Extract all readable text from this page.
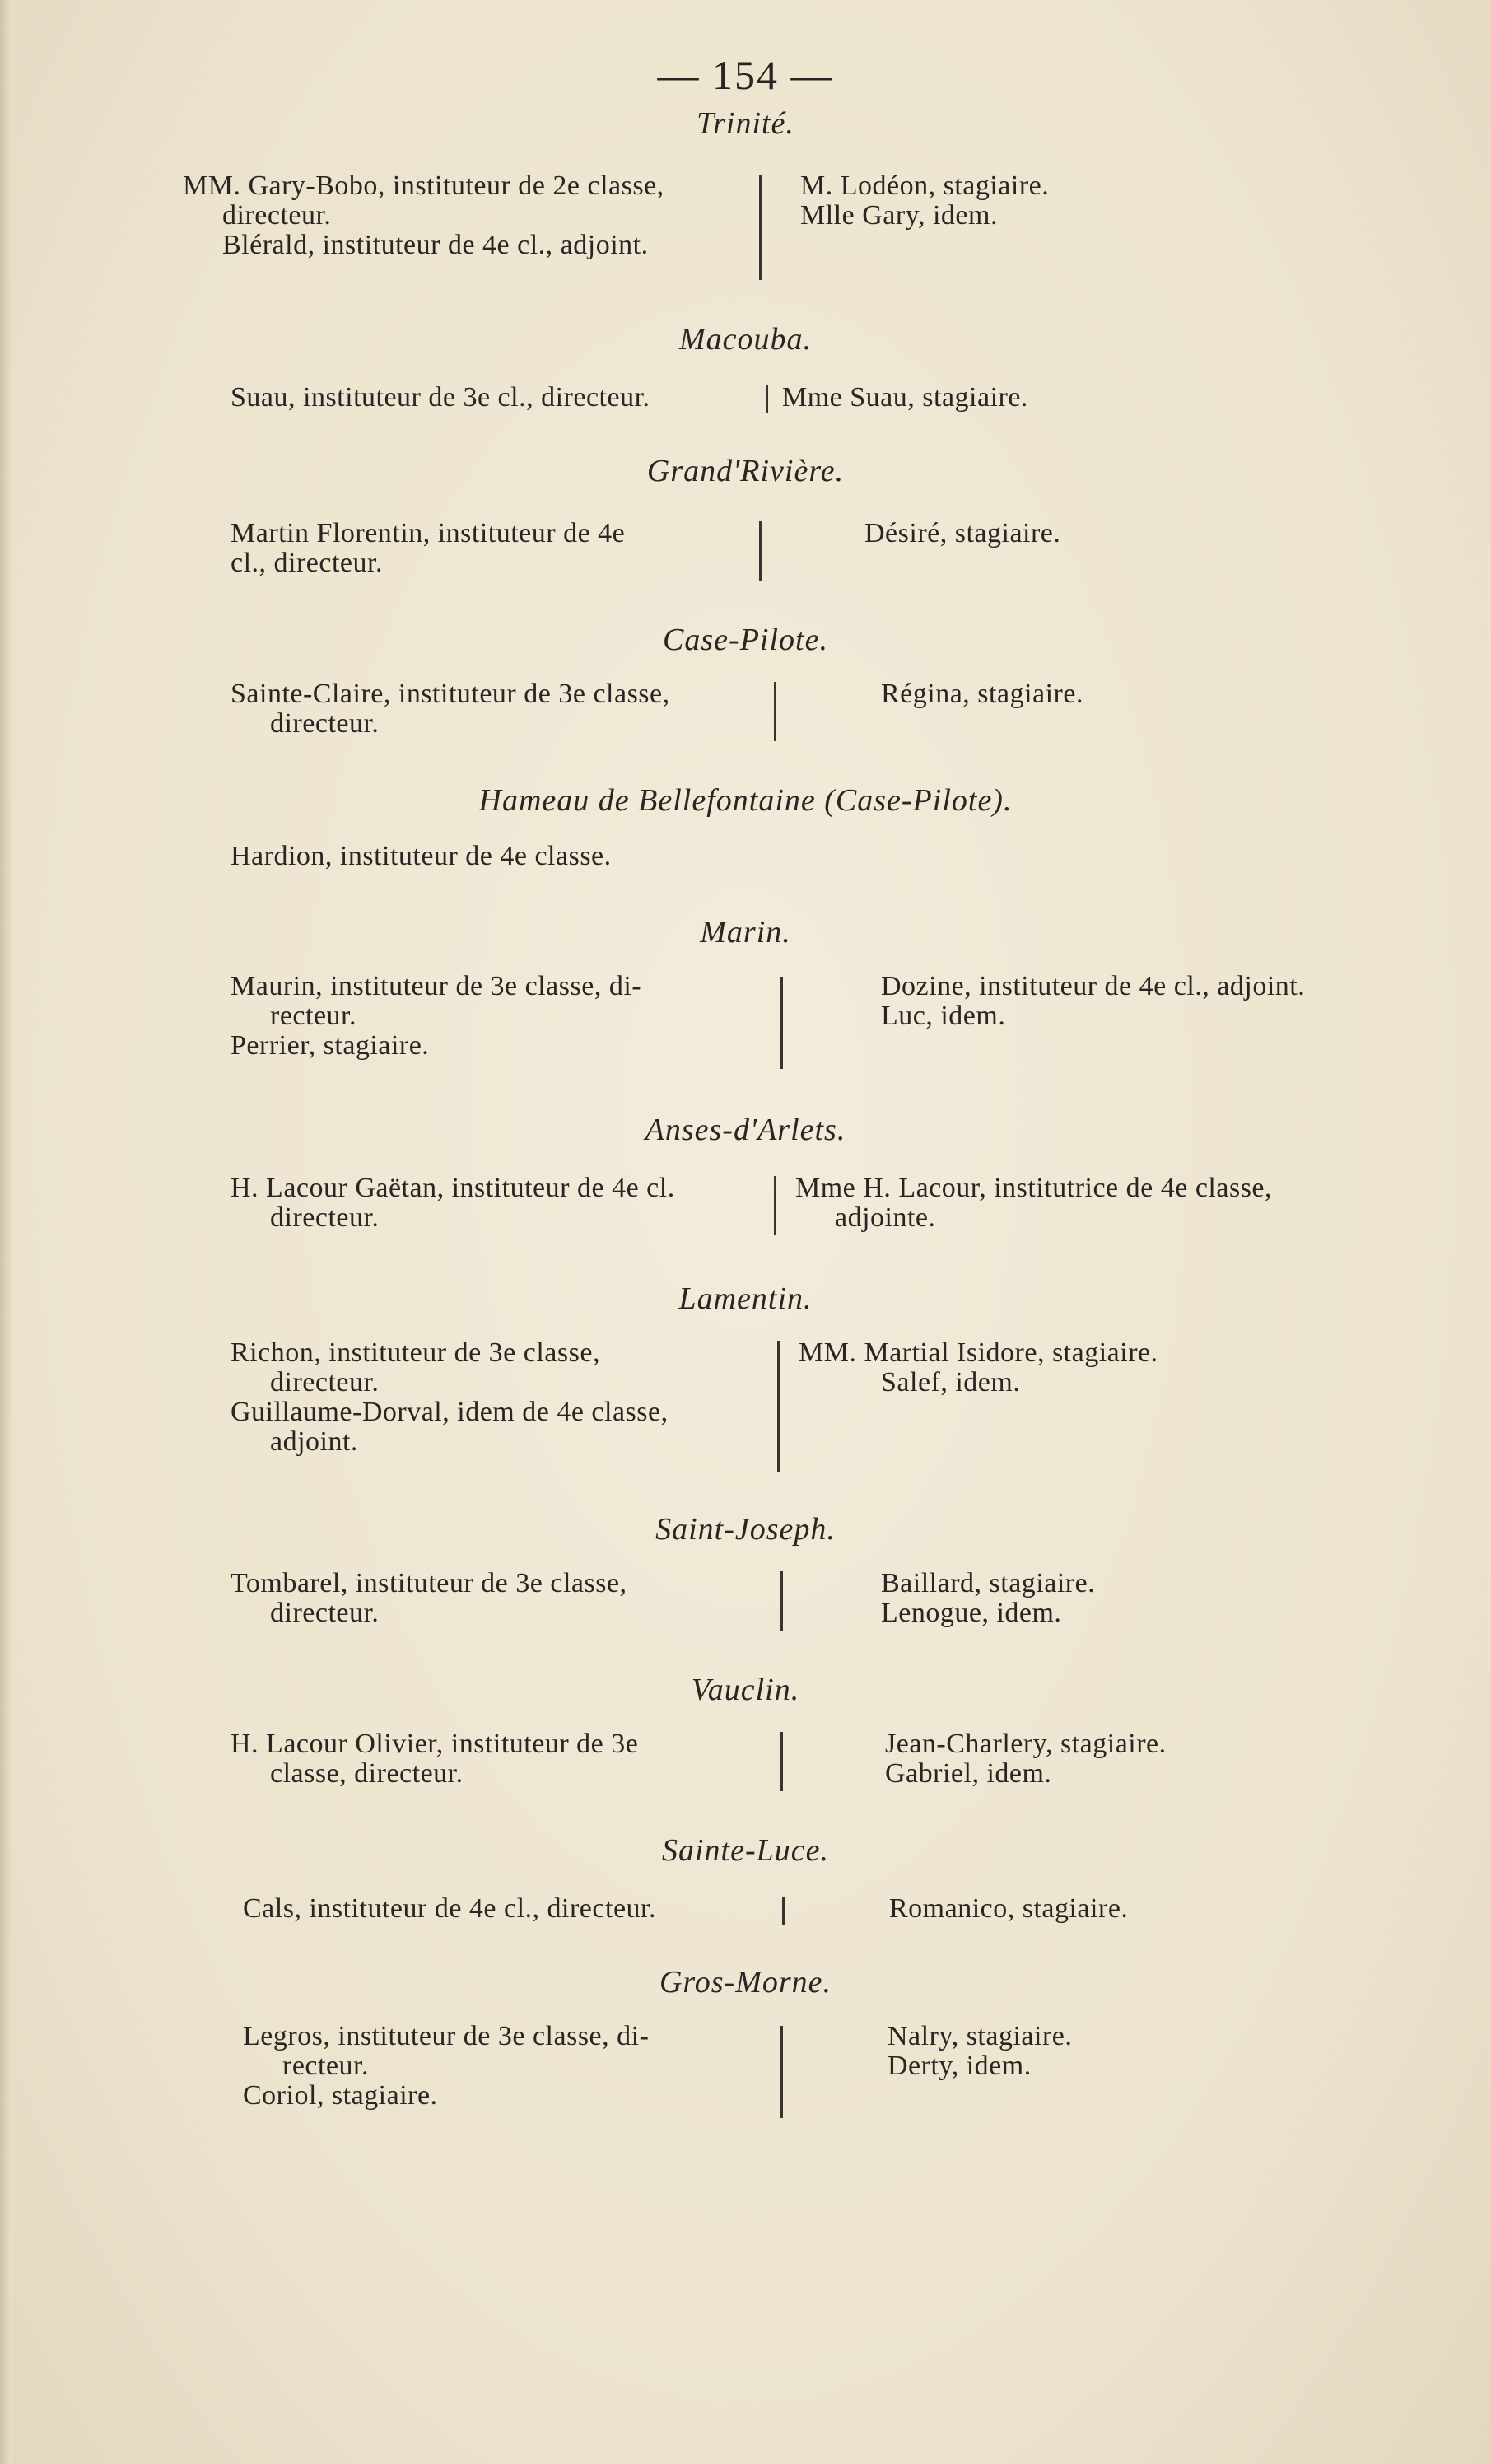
— 154 —
Trinité.
MM. Gary-Bobo, instituteur de 2e classe,
directeur.
Blérald, instituteur de 4e cl., adjoint.
M. Lodéon, stagiaire.
Mlle Gary, idem.
Macouba.
Suau, instituteur de 3e cl., directeur.	Mme Suau, stagiaire.
Grand'Rivière.
Martin Florentin, instituteur de 4e
cl., directeur.
Désiré, stagiaire.
Case-Pilote.
Sainte-Claire, instituteur de 3e classe,
directeur.
Régina, stagiaire.
Hameau de Bellefontaine (Case-Pilote).
Hardion, instituteur de 4e classe.
Marin.
Maurin, instituteur de 3e classe, di-
recteur.
Perrier, stagiaire.
Dozine, instituteur de 4e cl., adjoint.
Luc, idem.
Anses-d'Arlets.
H. Lacour Gaëtan, instituteur de 4e cl.
directeur.
Mme H. Lacour, institutrice de 4e classe,
adjointe.
Lamentin.
Richon, instituteur de 3e classe,
directeur.
Guillaume-Dorval, idem de 4e classe,
adjoint.
MM. Martial Isidore, stagiaire.
Salef, idem.
Saint-Joseph.
Tombarel, instituteur de 3e classe,
directeur.
Baillard, stagiaire.
Lenogue, idem.
Vauclin.
H. Lacour Olivier, instituteur de 3e
classe, directeur.
Jean-Charlery, stagiaire.
Gabriel, idem.
Sainte-Luce.
Cals, instituteur de 4e cl., directeur.	Romanico, stagiaire.
Gros-Morne.
Legros, instituteur de 3e classe, di-
recteur.
Coriol, stagiaire.
Nalry, stagiaire.
Derty, idem.
